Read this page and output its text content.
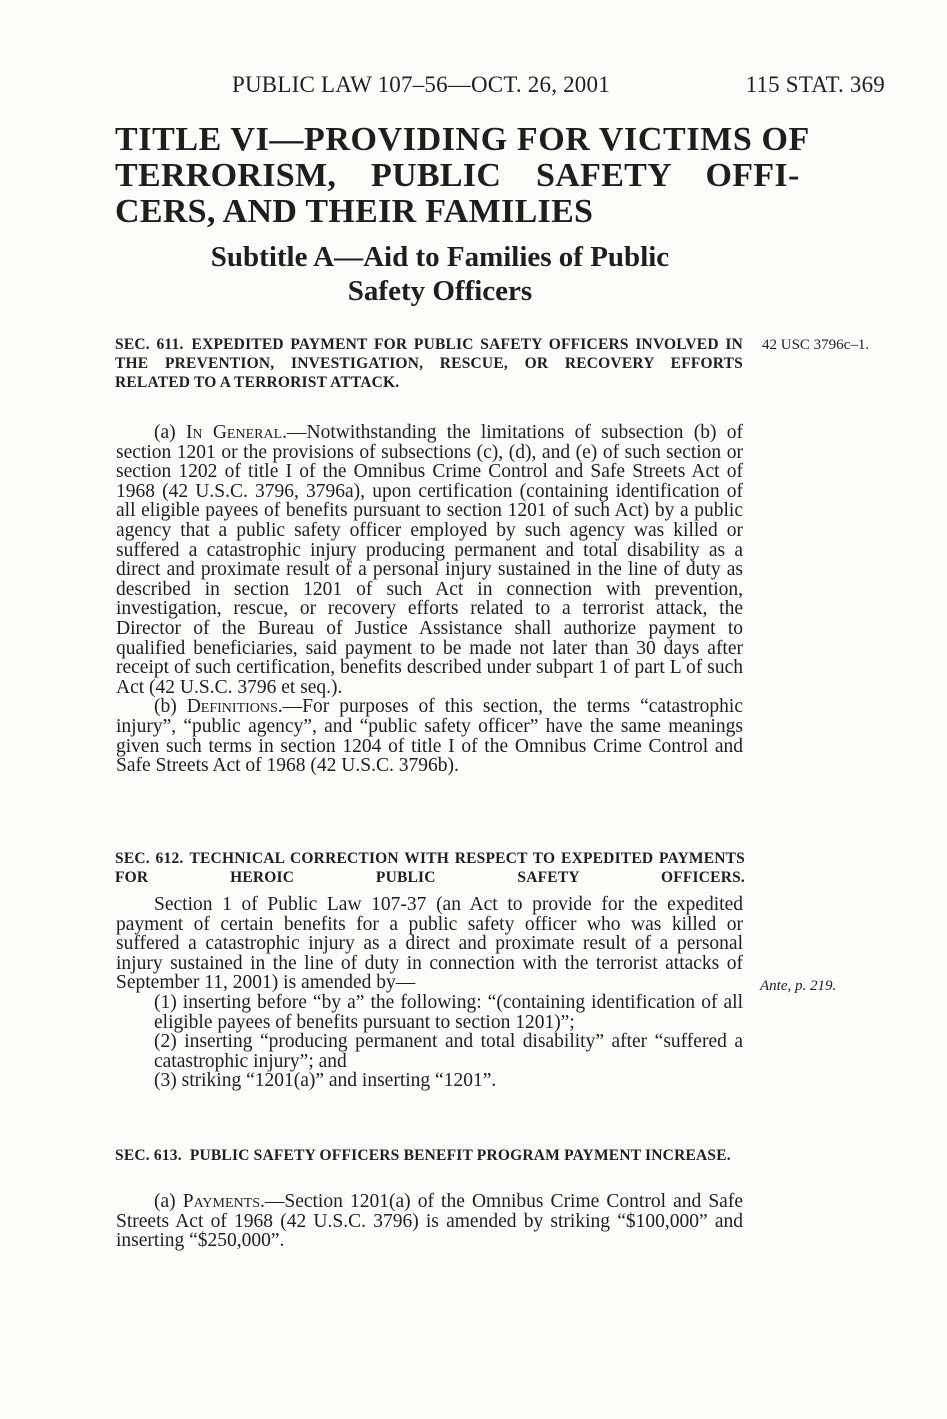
PUBLIC LAW 107–56—OCT. 26, 2001	115 STAT. 369
TITLE VI—PROVIDING FOR VICTIMS OF
TERRORISM, PUBLIC SAFETY OFFI-
CERS, AND THEIR FAMILIES
Subtitle A—Aid to Families of Public
Safety Officers
SEC. 611. EXPEDITED PAYMENT FOR PUBLIC SAFETY OFFICERS INVOLVED IN THE PREVENTION, INVESTIGATION, RESCUE, OR RECOVERY EFFORTS RELATED TO A TERRORIST ATTACK.
42 USC 3796c–1.

(a) In General.—Notwithstanding the limitations of subsection (b) of section 1201 or the provisions of subsections (c), (d), and (e) of such section or section 1202 of title I of the Omnibus Crime Control and Safe Streets Act of 1968 (42 U.S.C. 3796, 3796a), upon certification (containing identification of all eligible payees of benefits pursuant to section 1201 of such Act) by a public agency that a public safety officer employed by such agency was killed or suffered a catastrophic injury producing permanent and total disability as a direct and proximate result of a personal injury sustained in the line of duty as described in section 1201 of such Act in connection with prevention, investigation, rescue, or recovery efforts related to a terrorist attack, the Director of the Bureau of Justice Assistance shall authorize payment to qualified beneficiaries, said payment to be made not later than 30 days after receipt of such certification, benefits described under subpart 1 of part L of such Act (42 U.S.C. 3796 et seq.).

(b) Definitions.—For purposes of this section, the terms “catastrophic injury”, “public agency”, and “public safety officer” have the same meanings given such terms in section 1204 of title I of the Omnibus Crime Control and Safe Streets Act of 1968 (42 U.S.C. 3796b).

SEC. 612. TECHNICAL CORRECTION WITH RESPECT TO EXPEDITED PAYMENTS FOR HEROIC PUBLIC SAFETY OFFICERS.

Section 1 of Public Law 107-37 (an Act to provide for the expedited payment of certain benefits for a public safety officer who was killed or suffered a catastrophic injury as a direct and proximate result of a personal injury sustained in the line of duty in connection with the terrorist attacks of September 11, 2001) is amended by—

(1) inserting before “by a” the following: “(containing identification of all eligible payees of benefits pursuant to section 1201)”;

(2) inserting “producing permanent and total disability” after “suffered a catastrophic injury”; and

(3) striking “1201(a)” and inserting “1201”.

Ante, p. 219.
SEC. 613. PUBLIC SAFETY OFFICERS BENEFIT PROGRAM PAYMENT INCREASE.

(a) Payments.—Section 1201(a) of the Omnibus Crime Control and Safe Streets Act of 1968 (42 U.S.C. 3796) is amended by striking “$100,000” and inserting “$250,000”.
